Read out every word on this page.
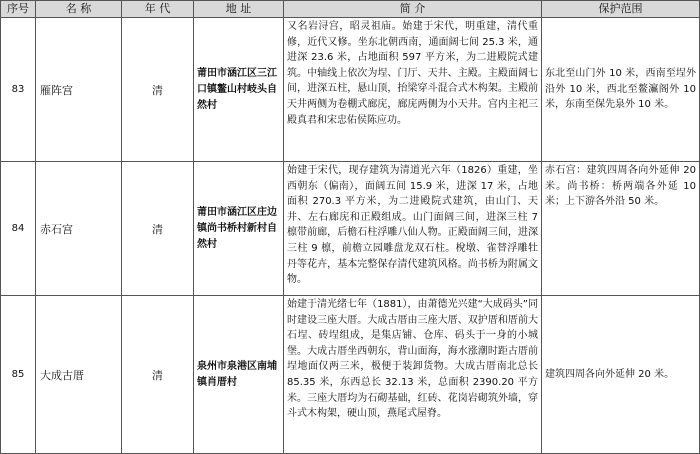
序号	名 称	年 代	地 址	简 介	保护范围
83	雁阵宫	清	莆田市涵江区三江口镇鳌山村岐头自然村	又名岩浔宫，昭灵祖庙。始建于宋代，明重建，清代重修，近代又修。坐东北朝西南，通面阔七间 25.3 米，通进深 23.6 米，占地面积 597 平方米，为二进殿院式建筑。中轴线上依次为埕、门厅、天井、主殿。主殿面阔七间，进深五柱，悬山顶，抬梁穿斗混合式木构架。主殿前天井两侧为卷棚式廊庑，廊庑两侧为小天井。宫内主祀三殿真君和宋忠佑侯陈应功。	东北至山门外 10 米，西南至埕外沿外 10 米，西北至鳌灜阁外 10 米，东南至保先泉外 10 米。
84	赤石宫	清	莆田市涵江区庄边镇尚书桥村新村自然村	始建于宋代，现存建筑为清道光六年（1826）重建，坐西朝东（偏南），面阔五间 15.9 米，进深 17 米，占地面积 270.3 平方米，为二进殿院式建筑，由山门、天井、左右廊庑和正殿组成。山门面阔三间，进深三柱 7 檩带前廊，后檐石柱浮雕八仙人物。正殿面阔三间，进深三柱 9 檩，前檐立园雕盘龙双石柱。梲墩、雀替浮雕牡丹等花卉，基本完整保存清代建筑风格。尚书桥为附属文物。	赤石宫：建筑四周各向外延伸 20 米。尚书桥：桥两端各外延 10 米；上下游各外沿 50 米。
85	大成古厝	清	泉州市泉港区南埔镇肖厝村	始建于清光绪七年（1881），由萧德光兴建“大成码头”同时建设三座大厝。大成古厝由三座大厝、双护厝和厝前大石埕、砖埕组成，是集店铺、仓库、码头于一身的小城堡。大成古厝坐西朝东，背山面海，海水涨潮时距古厝前埕地面仅两三米，极便于装卸货物。大成古厝南北总长 85.35 米，东西总长 32.13 米，总面积 2390.20 平方米。三座大厝均为石砌基础，红砖、花岗岩砌筑外墙，穿斗式木构架，硬山顶，燕尾式屋脊。	建筑四周各向外延伸 20 米。
